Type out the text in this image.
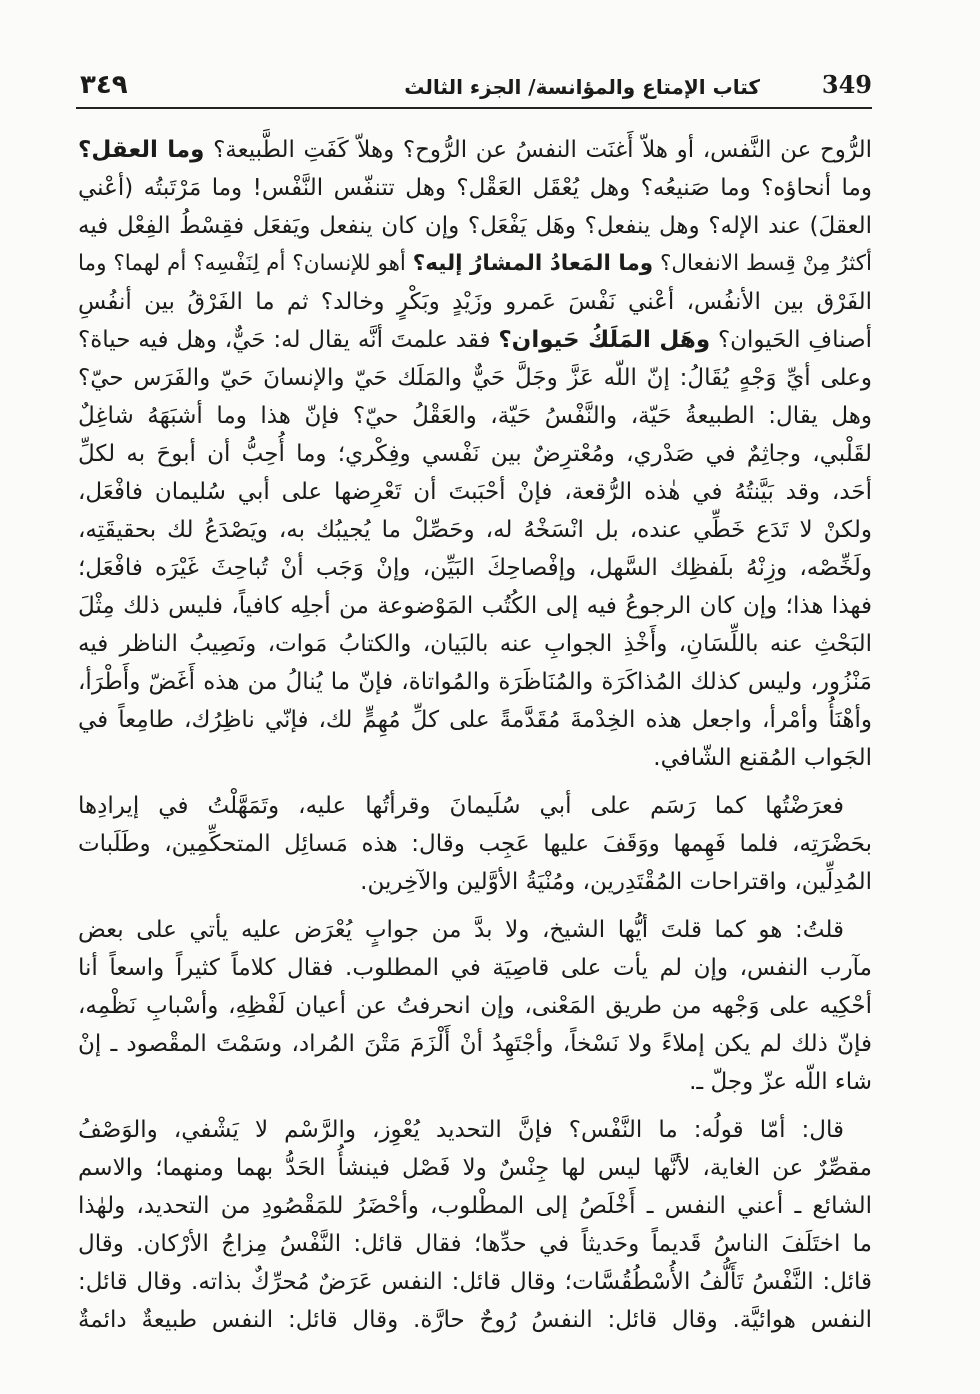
349
كتاب الإمتاع والمؤانسة/ الجزء الثالث
٣٤٩
الرُّوح عن النَّفس، أو هلاّ أَغنَت النفسُ عن الرُّوح؟ وهلاّ كَفَتِ الطَّبيعة؟ وما العقل؟
وما أنحاؤه؟ وما صَنيعُه؟ وهل يُعْقَل العَقْل؟ وهل تتنفّس النَّفْس! وما مَرْتَبتُه (أعْني
العقلَ) عند الإله؟ وهل ينفعل؟ وهَل يَفْعَل؟ وإن كان ينفعل ويَفعَل فقِسْطُ الفِعْل فيه
أكثرُ مِنْ قِسط الانفعال؟ وما المَعادُ المشارُ إليه؟ أهو للإنسان؟ أم لِنَفْسِه؟ أم لهما؟ وما
الفَرْق بين الأنفُس، أعْني نَفْسَ عَمرو وزَيْدٍ وبَكْرٍ وخالد؟ ثم ما الفَرْقُ بين أنفُسِ
أصنافِ الحَيوان؟ وهَل المَلَكُ حَيوان؟ فقد علمتَ أنَّه يقال له: حَيٌّ، وهل فيه حياة؟
وعلى أيِّ وَجْهٍ يُقَالُ: إنّ اللّه عَزَّ وجَلَّ حَيٌّ والمَلَك حَيّ والإنسانَ حَيّ والفَرَس حيّ؟
وهل يقال: الطبيعةُ حَيّة، والنَّفْسُ حَيّة، والعَقْلُ حيّ؟ فإنّ هذا وما أشبَهَهُ شاغِلٌ
لقَلْبي، وجاثِمٌ في صَدْري، ومُعْترِضٌ بين نَفْسي وفِكْري؛ وما أُحِبُّ أن أبوحَ به لكلِّ
أحَد، وقد بَيَّنتُهُ في هٰذه الرُّقعة، فإنْ أحْبَبتَ أن تَعْرِضها على أبي سُليمان فافْعَل،
ولكنْ لا تَدَع خَطِّي عنده، بل انْسَخْهُ له، وحَصِّلْ ما يُجيبُك به، ويَصْدَعُ لك بحقيقَتِه،
ولَخِّصْه، وزِنْهُ بلَفظِك السَّهل، وإفْصاحِكَ البَيِّن، وإنْ وَجَب أنْ تُباحِثَ غَيْرَه فافْعَل؛
فهذا هذا؛ وإن كان الرجوعُ فيه إلى الكُتُب المَوْضوعة من أجلِه كافياً، فليس ذلك مِثْلَ
البَحْثِ عنه باللِّسَانِ، وأَخْذِ الجوابِ عنه بالبَيان، والكتابُ مَوات، ونَصِيبُ الناظر فيه
مَنْزُور، وليس كذلك المُذاكَرَة والمُنَاظَرَة والمُواتاة، فإنّ ما يُنالُ من هذه أَغَضّ وأَطْرَأ،
وأهْنَأُ وأمْرأ، واجعل هذه الخِدْمةَ مُقَدَّمةً على كلِّ مُهِمٍّ لك، فإنّي ناظِرُك، طامِعاً في
الجَواب المُقنع الشّافي.
فعرَضْتُها كما رَسَم على أبي سُلَيمانَ وقرأتُها عليه، وتَمَهَّلْتُ في إيرادِها
بحَضْرَتِه، فلما فَهِمها ووَقَفَ عليها عَجِب وقال: هذه مَسائِل المتحكِّمِين، وطَلَبات
المُدِلِّين، واقتراحات المُقْتَدِرين، ومُنْيَةُ الأوَّلين والآخِرين.
قلتُ: هو كما قلتَ أيُّها الشيخ، ولا بدَّ من جوابٍ يُعْرَض عليه يأتي على بعض
مآرب النفس، وإن لم يأت على قاصِيَة في المطلوب. فقال كلاماً كثيراً واسعاً أنا
أحْكِيه على وَجْهه من طريق المَعْنى، وإن انحرفتُ عن أعيان لَفْظِهِ، وأسْبابِ نَظْمِه،
فإنّ ذلك لم يكن إملاءً ولا نَسْخاً، وأجْتَهِدُ أنْ أَلْزَمَ مَتْنَ المُراد، وسَمْتَ المقْصود ـ إنْ
شاء اللّه عزّ وجلّ ـ.
قال: أمّا قولُه: ما النَّفْس؟ فإنَّ التحديد يُعْوِز، والرَّسْم لا يَشْفي، والوَصْفُ
مقصِّرٌ عن الغاية، لأنَّها ليس لها جِنْسٌ ولا فَصْل فينشأُ الحَدُّ بهما ومنهما؛ والاسم
الشائع ـ أعني النفس ـ أَخْلَصُ إلى المطْلوب، وأحْضَرُ للمَقْصُودِ من التحديد، ولهٰذا
ما اختَلَفَ الناسُ قَديماً وحَديثاً في حدِّها؛ فقال قائل: النَّفْسُ مِزاجُ الأرْكان. وقال
قائل: النَّفْسُ تَأَلُّفُ الأُسْطُقُسَّات؛ وقال قائل: النفس عَرَضٌ مُحرِّكٌ بذاته. وقال قائل:
النفس هوائيَّة. وقال قائل: النفسُ رُوحٌ حارَّة. وقال قائل: النفس طبيعةٌ دائمةٌ
